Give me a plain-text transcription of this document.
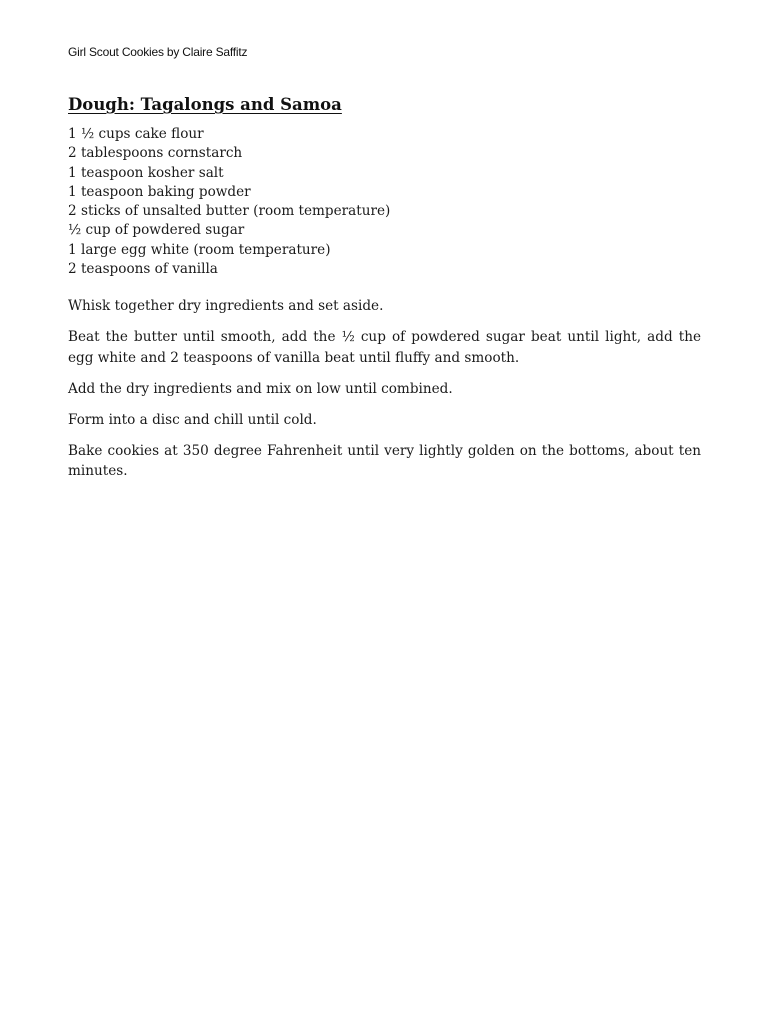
Girl Scout Cookies by Claire Saffitz
Dough: Tagalongs and Samoa
1 ½ cups cake flour
2 tablespoons cornstarch
1 teaspoon kosher salt
1 teaspoon baking powder
2 sticks of unsalted butter (room temperature)
½ cup of powdered sugar
1 large egg white (room temperature)
2 teaspoons of vanilla

Whisk together dry ingredients and set aside.

Beat the butter until smooth, add the ½ cup of powdered sugar beat until light, add the egg white and 2 teaspoons of vanilla beat until fluffy and smooth.

Add the dry ingredients and mix on low until combined.

Form into a disc and chill until cold.

Bake cookies at 350 degree Fahrenheit until very lightly golden on the bottoms, about ten minutes.
